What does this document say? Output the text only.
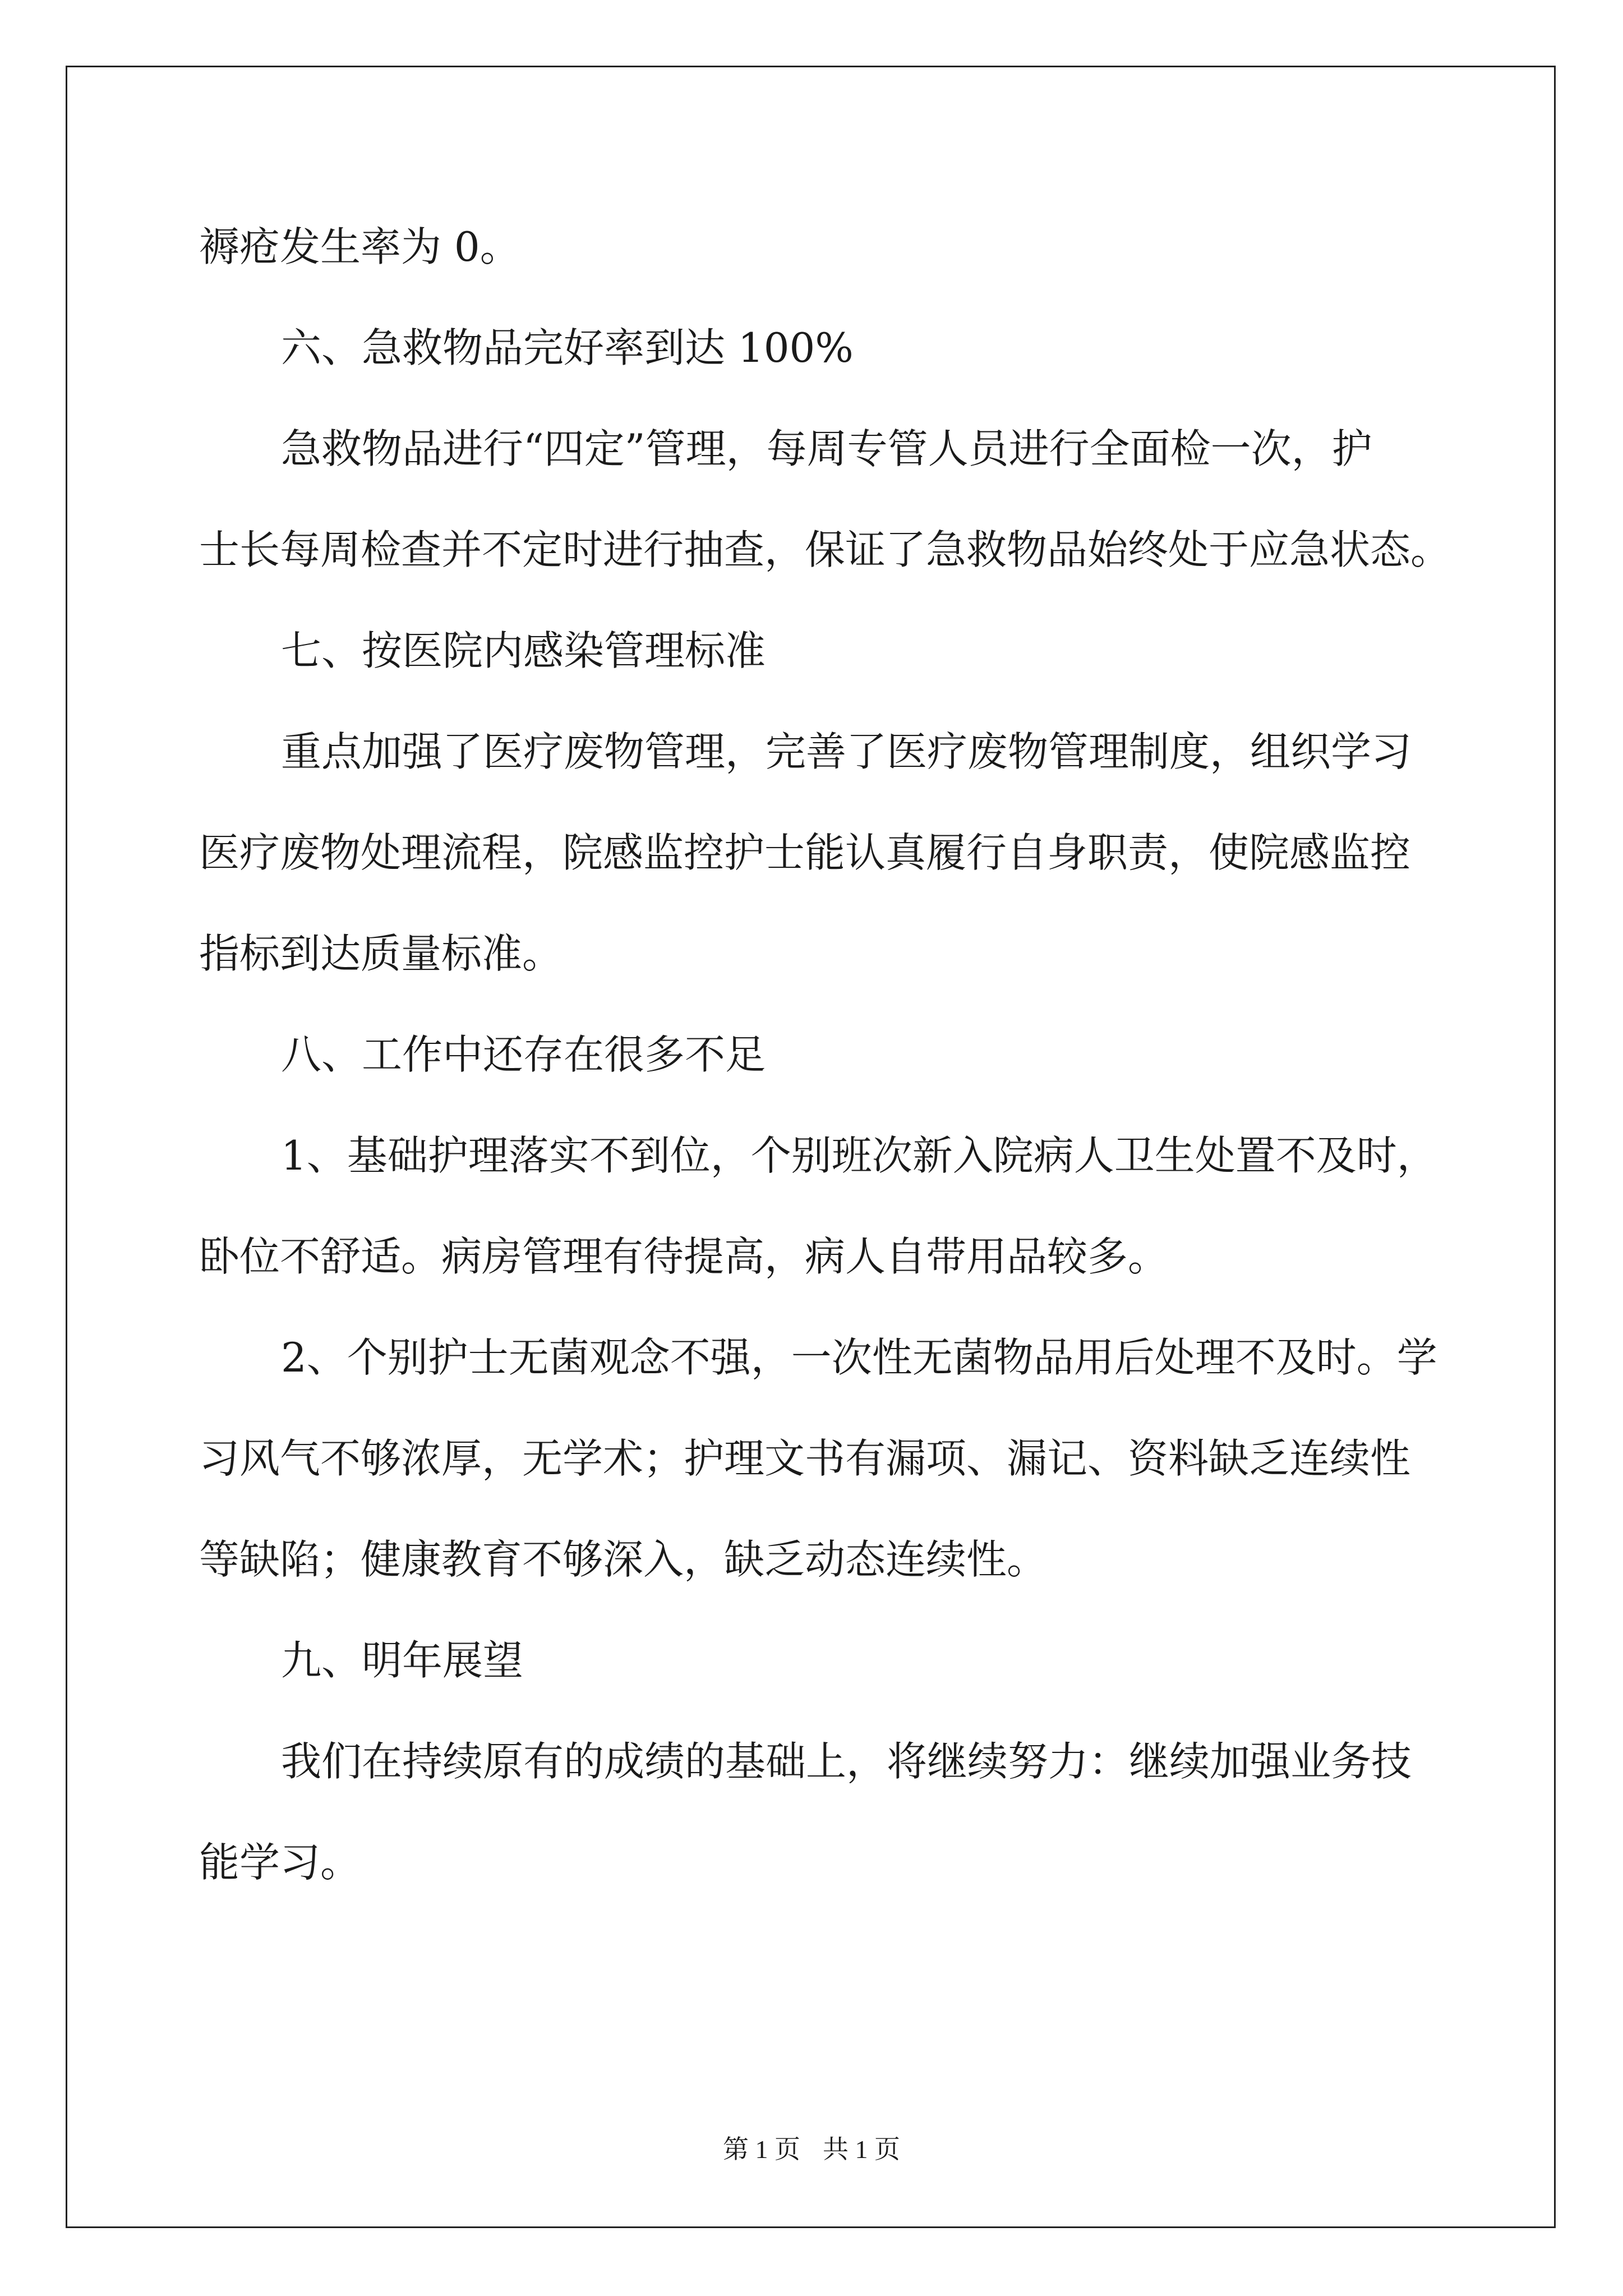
褥疮发生率为 0。

六、急救物品完好率到达 100%

急救物品进行“四定”管理，每周专管人员进行全面检一次，护

士长每周检查并不定时进行抽查，保证了急救物品始终处于应急状态。

七、按医院内感染管理标准

重点加强了医疗废物管理，完善了医疗废物管理制度，组织学习

医疗废物处理流程，院感监控护士能认真履行自身职责，使院感监控

指标到达质量标准。

八、工作中还存在很多不足

1、基础护理落实不到位，个别班次新入院病人卫生处置不及时，

卧位不舒适。病房管理有待提高，病人自带用品较多。

2、个别护士无菌观念不强，一次性无菌物品用后处理不及时。学

习风气不够浓厚，无学术；护理文书有漏项、漏记、资料缺乏连续性

等缺陷；健康教育不够深入，缺乏动态连续性。

九、明年展望

我们在持续原有的成绩的基础上，将继续努力：继续加强业务技

能学习。

第 1 页 共 1 页
